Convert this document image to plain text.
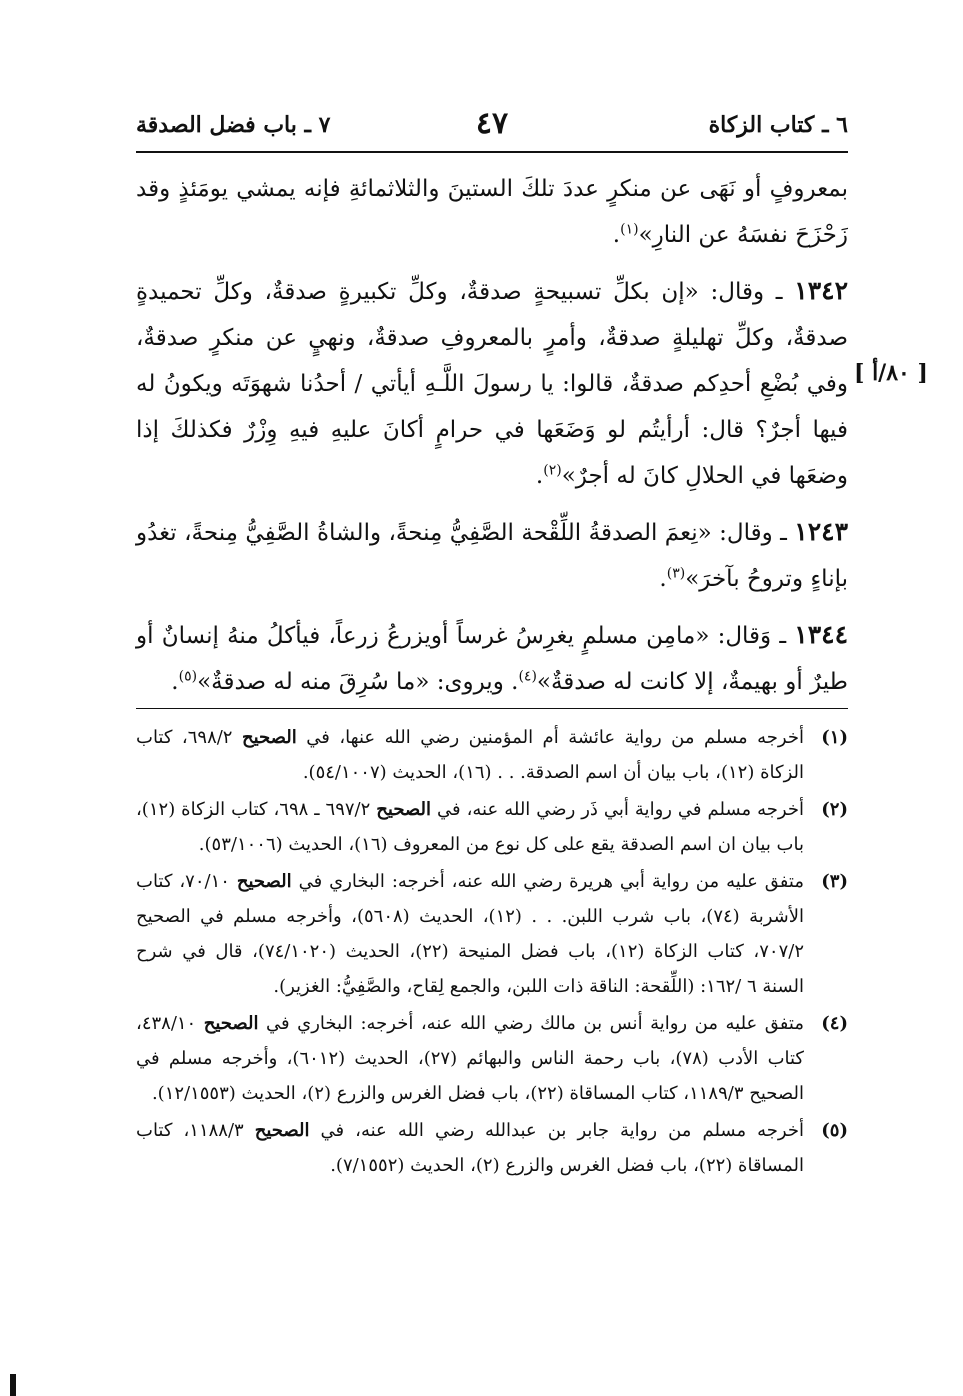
٦ ـ كتاب الزكاة
٤٧
٧ ـ باب فضل الصدقة
[ ٨٠/أ ]

بمعروفٍ أو نَهَى عن منكرٍ عددَ تلكَ الستينَ والثلاثمائةِ فإنه يمشي يومَئذٍ وقد زَحْزَحَ نفسَهُ عن النارِ»$^{(١)}$.

١٣٤٢ ـ وقال: «إن بكلِّ تسبيحةٍ صدقةٌ، وكلِّ تكبيرةٍ صدقةٌ، وكلِّ تحميدةٍ صدقةٌ، وكلِّ تهليلةٍ صدقةٌ، وأمرٍ بالمعروفِ صدقةٌ، ونهيٍ عن منكرٍ صدقةٌ، وفي بُضْعِ أحدِكم صدقةٌ، قالوا: يا رسولَ اللَّـهِ أيأتي / أحدُنا شهوَتَه ويكونُ له فيها أجرٌ؟ قال: أرأيتُم لو وَضَعَها في حرامٍ أكانَ عليهِ فيهِ وِزْرٌ فكذلكَ إذا وضعَها في الحلالِ كانَ له أجرٌ»$^{(٢)}$.

١٢٤٣ ـ وقال: «نِعمَ الصدقةُ اللِّقْحة الصَّفِيُّ مِنحةً، والشاةُ الصَّفِيُّ مِنحةً، تغدُو بإناءٍ وتروحُ بآخرَ»$^{(٣)}$.

١٣٤٤ ـ وَقال: «مامِن مسلمٍ يغرِسُ غرساً أويزرعُ زرعاً، فيأكلُ منهُ إنسانٌ أو طيرٌ أو بهيمةٌ، إلا كانت له صدقةٌ»$^{(٤)}$. ويروى: «ما سُرِقَ منه له صدقةٌ»$^{(٥)}$.

(١)
أخرجه مسلم من رواية عائشة أم المؤمنين رضي الله عنها، في الصحيح ٦٩٨/٢، كتاب الزكاة (١٢)، باب بيان أن اسم الصدقة. . . (١٦)، الحديث (٥٤/١٠٠٧).
(٢)
أخرجه مسلم في رواية أبي ذَر رضي الله عنه، في الصحيح ٦٩٧/٢ ـ ٦٩٨، كتاب الزكاة (١٢)، باب بيان ان اسم الصدقة يقع على كل نوع من المعروف (١٦)، الحديث (٥٣/١٠٠٦).
(٣)
متفق عليه من رواية أبي هريرة رضي الله عنه، أخرجه: البخاري في الصحيح ٧٠/١٠، كتاب الأشربة (٧٤)، باب شرب اللبن. . . (١٢)، الحديث (٥٦٠٨)، وأخرجه مسلم في الصحيح ٧٠٧/٢، كتاب الزكاة (١٢)، باب فضل المنيحة (٢٢)، الحديث (٧٤/١٠٢٠)، قال في شرح السنة ٦ /١٦٢: (اللِّقحة: الناقة ذات اللبن، والجمع لِقاح، والصَّفِيُّ: الغزير).
(٤)
متفق عليه من رواية أنس بن مالك رضي الله عنه، أخرجه: البخاري في الصحيح ٤٣٨/١٠، كتاب الأدب (٧٨)، باب رحمة الناس والبهائم (٢٧)، الحديث (٦٠١٢)، وأخرجه مسلم في الصحيح ١١٨٩/٣، كتاب المساقاة (٢٢)، باب فضل الغرس والزرع (٢)، الحديث (١٢/١٥٥٣).
(٥)
أخرجه مسلم من رواية جابر بن عبدالله رضي الله عنه، في الصحيح ١١٨٨/٣، كتاب المساقاة (٢٢)، باب فضل الغرس والزرع (٢)، الحديث (٧/١٥٥٢).
